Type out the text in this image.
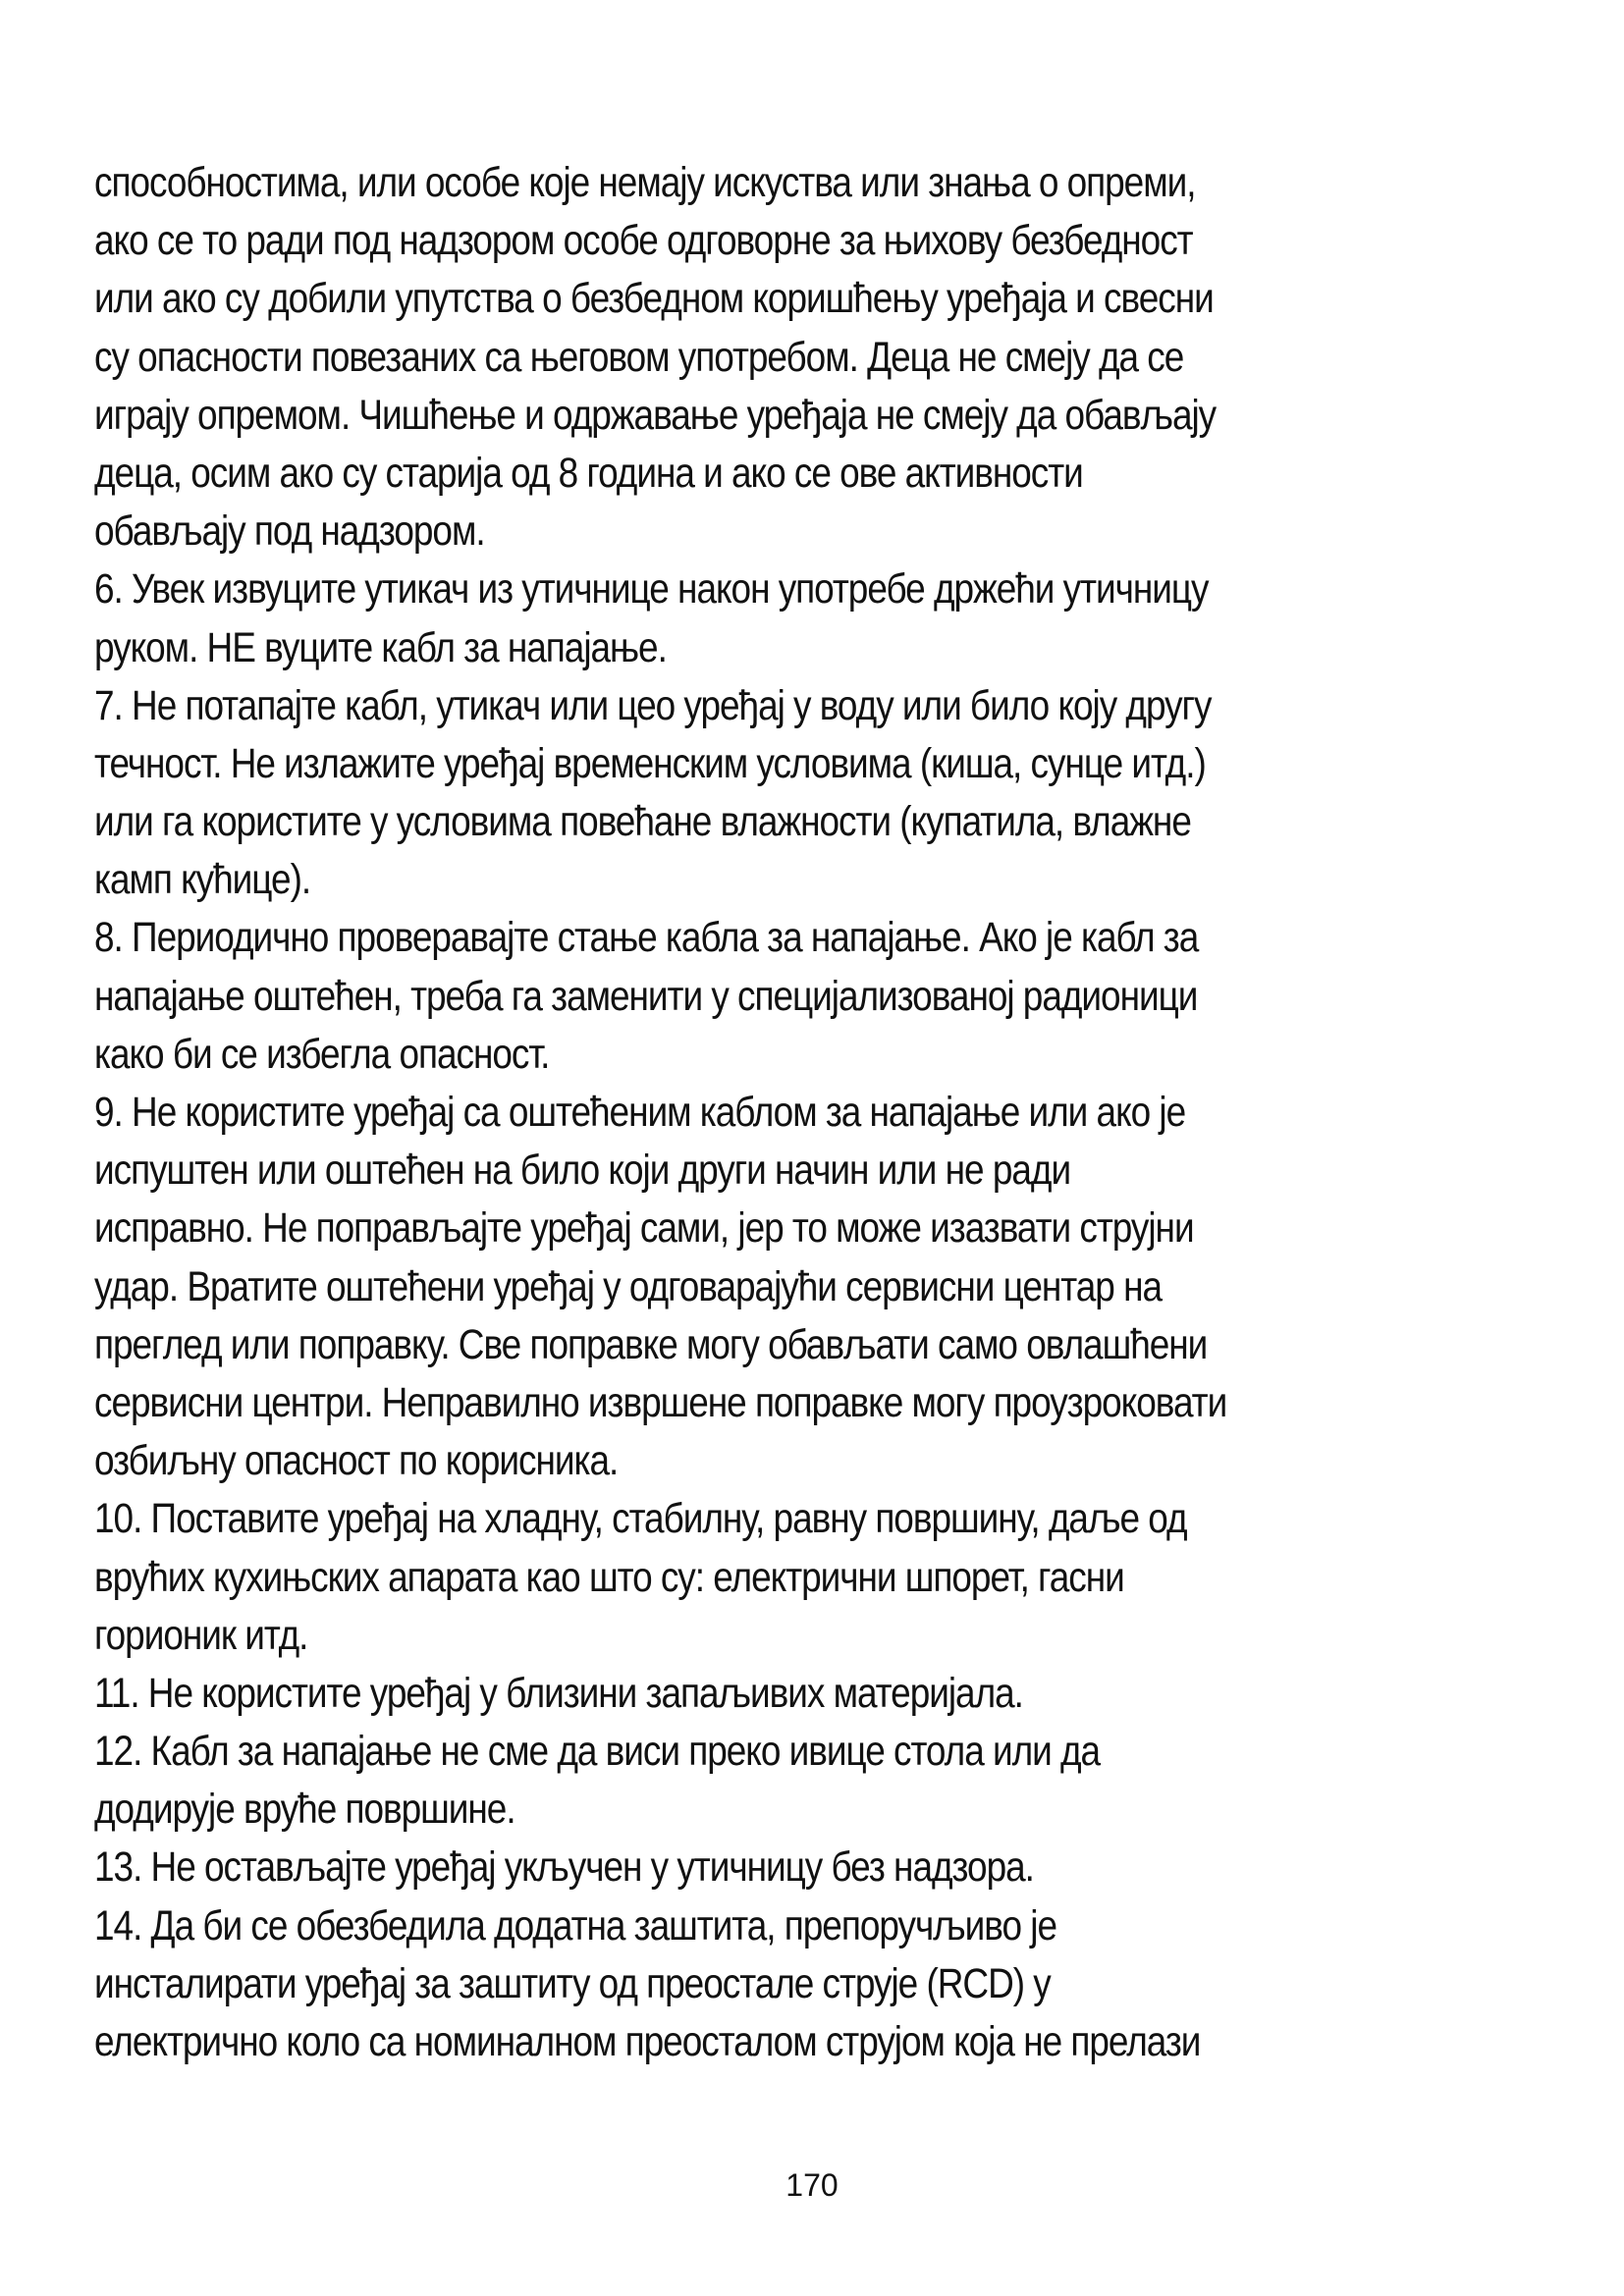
способностима, или особе које немају искуства или знања о опреми,
ако се то ради под надзором особе одговорне за њихову безбедност
или ако су добили упутства о безбедном коришћењу уређаја и свесни
су опасности повезаних са његовом употребом. Деца не смеју да се
играју опремом. Чишћење и одржавање уређаја не смеју да обављају
деца, осим ако су старија од 8 година и ако се ове активности
обављају под надзором.
6. Увек извуците утикач из утичнице након употребе држећи утичницу
руком. НЕ вуците кабл за напајање.
7. Не потапајте кабл, утикач или цео уређај у воду или било коју другу
течност. Не излажите уређај временским условима (киша, сунце итд.)
или га користите у условима повећане влажности (купатила, влажне
камп кућице).
8. Периодично проверавајте стање кабла за напајање. Ако је кабл за
напајање оштећен, треба га заменити у специјализованој радионици
како би се избегла опасност.
9. Не користите уређај са оштећеним каблом за напајање или ако је
испуштен или оштећен на било који други начин или не ради
исправно. Не поправљајте уређај сами, јер то може изазвати струјни
удар. Вратите оштећени уређај у одговарајући сервисни центар на
преглед или поправку. Све поправке могу обављати само овлашћени
сервисни центри. Неправилно извршене поправке могу проузроковати
озбиљну опасност по корисника.
10. Поставите уређај на хладну, стабилну, равну површину, даље од
врућих кухињских апарата као што су: електрични шпорет, гасни
горионик итд.
11. Не користите уређај у близини запаљивих материјала.
12. Кабл за напајање не сме да виси преко ивице стола или да
додирује вруће површине.
13. Не остављајте уређај укључен у утичницу без надзора.
14. Да би се обезбедила додатна заштита, препоручљиво је
инсталирати уређај за заштиту од преостале струје (RCD) у
електрично коло са номиналном преосталом струјом која не прелази
170
